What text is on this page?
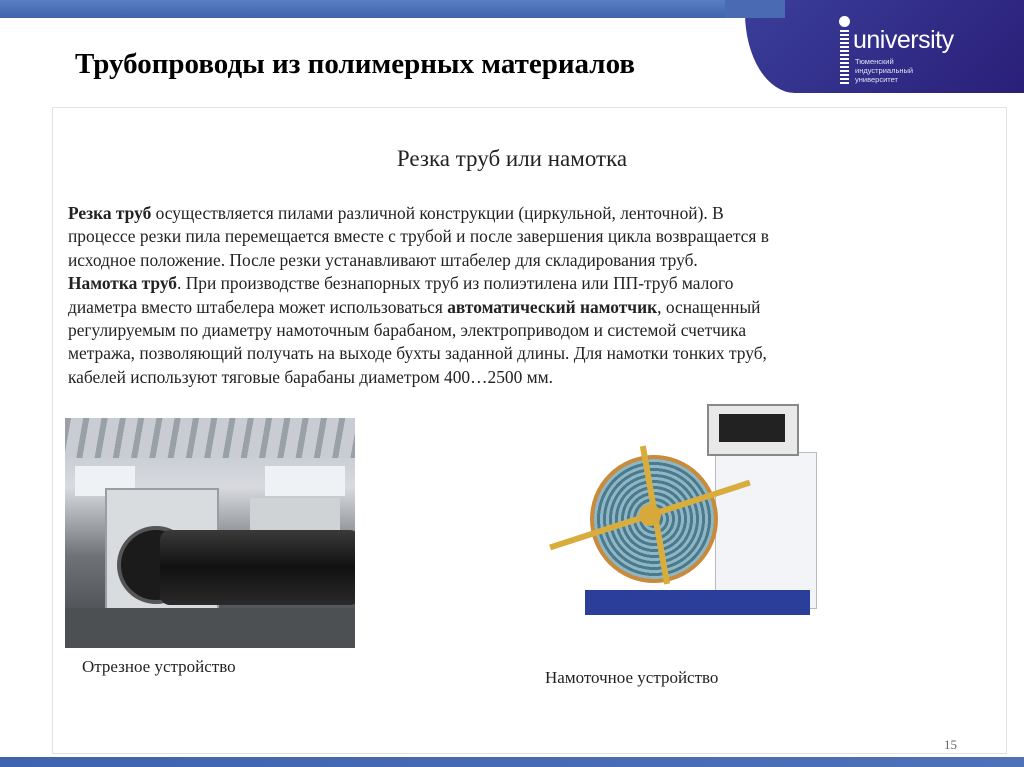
university
Тюменский
индустриальный
университет
Трубопроводы из полимерных материалов
Резка труб или намотка
Резка труб осуществляется пилами различной конструкции (циркульной, ленточной). В
процессе резки пила перемещается вместе с трубой и после завершения цикла возвращается в
исходное положение. После резки устанавливают штабелер для складирования труб.
Намотка труб. При производстве безнапорных труб из полиэтилена или ПП-труб малого
диаметра вместо штабелера может использоваться автоматический намотчик, оснащенный
регулируемым по диаметру намоточным барабаном, электроприводом и системой счетчика
метража, позволяющий получать на выходе бухты заданной длины. Для намотки тонких труб,
кабелей используют тяговые барабаны диаметром 400…2500 мм.
Отрезное устройство
Намоточное устройство
15
